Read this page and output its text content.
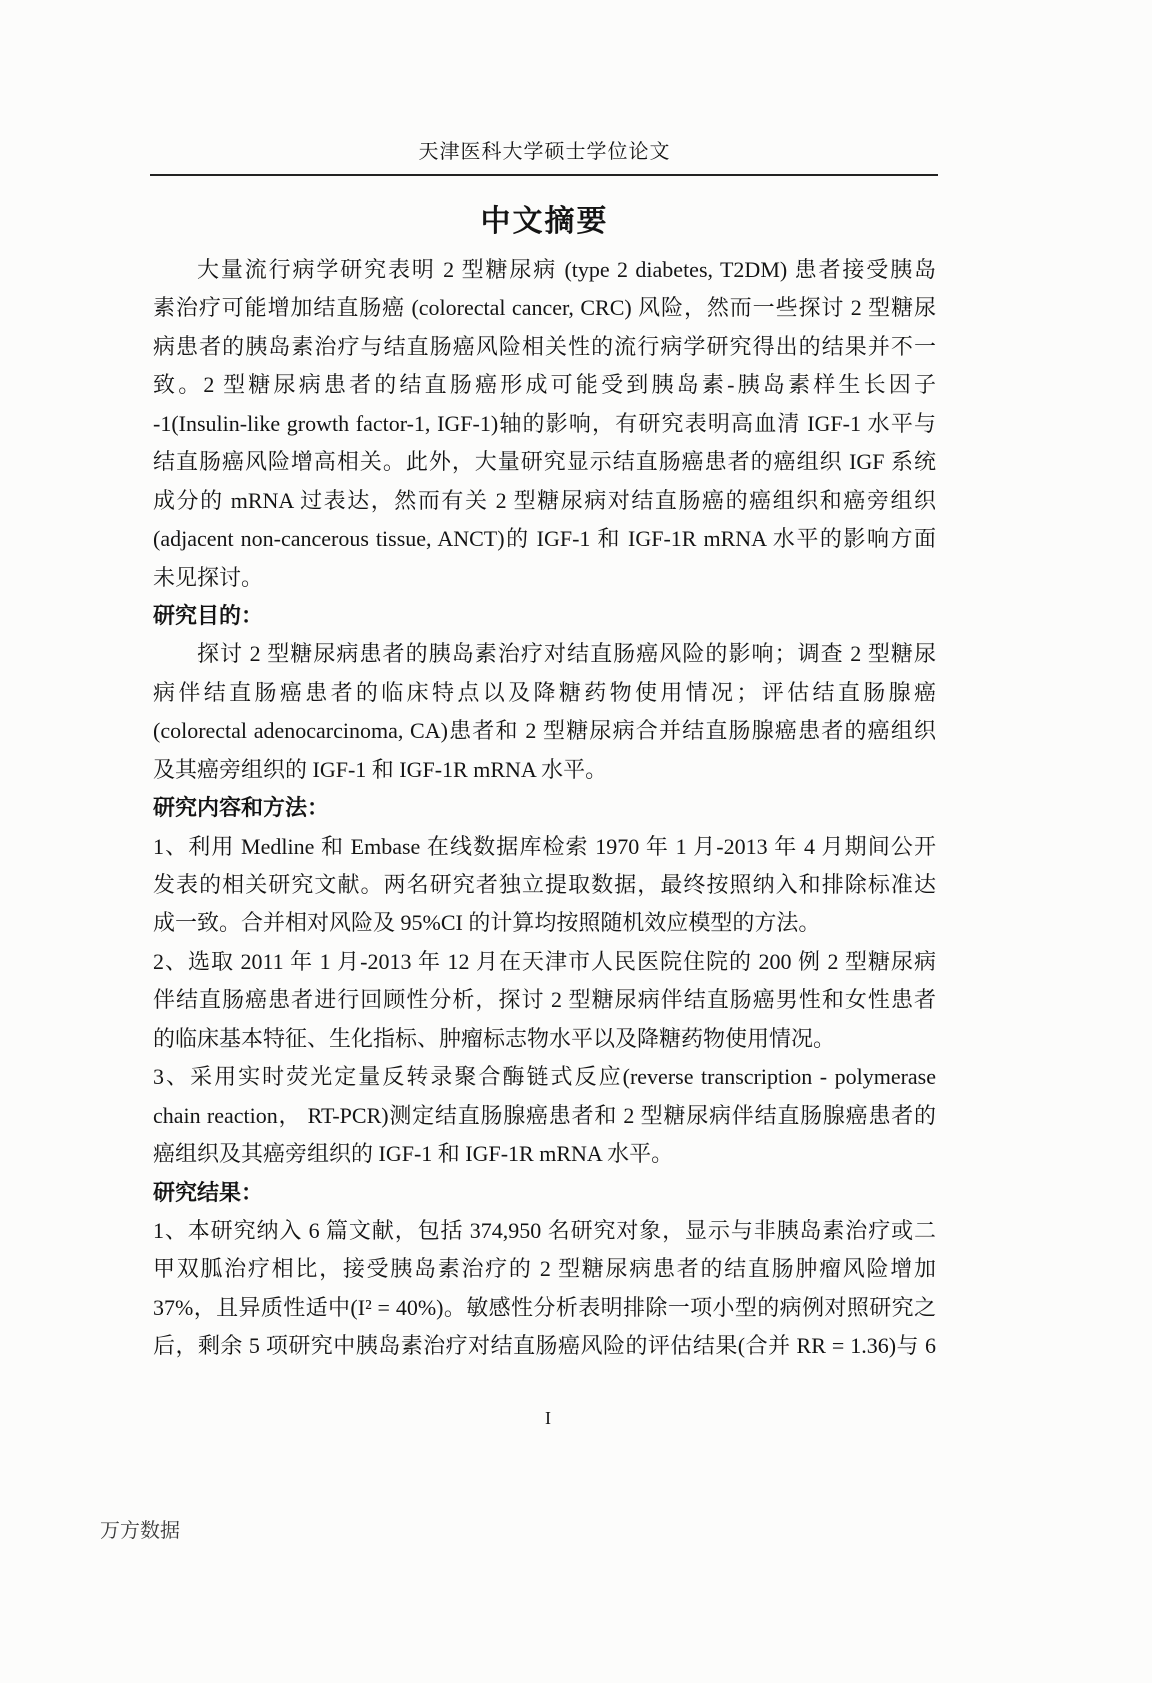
天津医科大学硕士学位论文
中文摘要
大量流行病学研究表明 2 型糖尿病 (type 2 diabetes, T2DM) 患者接受胰岛
素治疗可能增加结直肠癌 (colorectal cancer, CRC) 风险，然而一些探讨 2 型糖尿
病患者的胰岛素治疗与结直肠癌风险相关性的流行病学研究得出的结果并不一
致。2 型糖尿病患者的结直肠癌形成可能受到胰岛素-胰岛素样生长因子
-1(Insulin-like growth factor-1, IGF-1)轴的影响，有研究表明高血清 IGF-1 水平与
结直肠癌风险增高相关。此外，大量研究显示结直肠癌患者的癌组织 IGF 系统
成分的 mRNA 过表达，然而有关 2 型糖尿病对结直肠癌的癌组织和癌旁组织
(adjacent non-cancerous tissue, ANCT)的 IGF-1 和 IGF-1R mRNA 水平的影响方面
未见探讨。
研究目的：
探讨 2 型糖尿病患者的胰岛素治疗对结直肠癌风险的影响；调查 2 型糖尿
病伴结直肠癌患者的临床特点以及降糖药物使用情况；评估结直肠腺癌
(colorectal adenocarcinoma, CA)患者和 2 型糖尿病合并结直肠腺癌患者的癌组织
及其癌旁组织的 IGF-1 和 IGF-1R mRNA 水平。
研究内容和方法：
1、利用 Medline 和 Embase 在线数据库检索 1970 年 1 月-2013 年 4 月期间公开
发表的相关研究文献。两名研究者独立提取数据，最终按照纳入和排除标准达
成一致。合并相对风险及 95%CI 的计算均按照随机效应模型的方法。
2、选取 2011 年 1 月-2013 年 12 月在天津市人民医院住院的 200 例 2 型糖尿病
伴结直肠癌患者进行回顾性分析，探讨 2 型糖尿病伴结直肠癌男性和女性患者
的临床基本特征、生化指标、肿瘤标志物水平以及降糖药物使用情况。
3、采用实时荧光定量反转录聚合酶链式反应(reverse transcription - polymerase
chain reaction， RT-PCR)测定结直肠腺癌患者和 2 型糖尿病伴结直肠腺癌患者的
癌组织及其癌旁组织的 IGF-1 和 IGF-1R mRNA 水平。
研究结果：
1、本研究纳入 6 篇文献，包括 374,950 名研究对象，显示与非胰岛素治疗或二
甲双胍治疗相比，接受胰岛素治疗的 2 型糖尿病患者的结直肠肿瘤风险增加
37%，且异质性适中(I² = 40%)。敏感性分析表明排除一项小型的病例对照研究之
后，剩余 5 项研究中胰岛素治疗对结直肠癌风险的评估结果(合并 RR = 1.36)与 6
I
万方数据
